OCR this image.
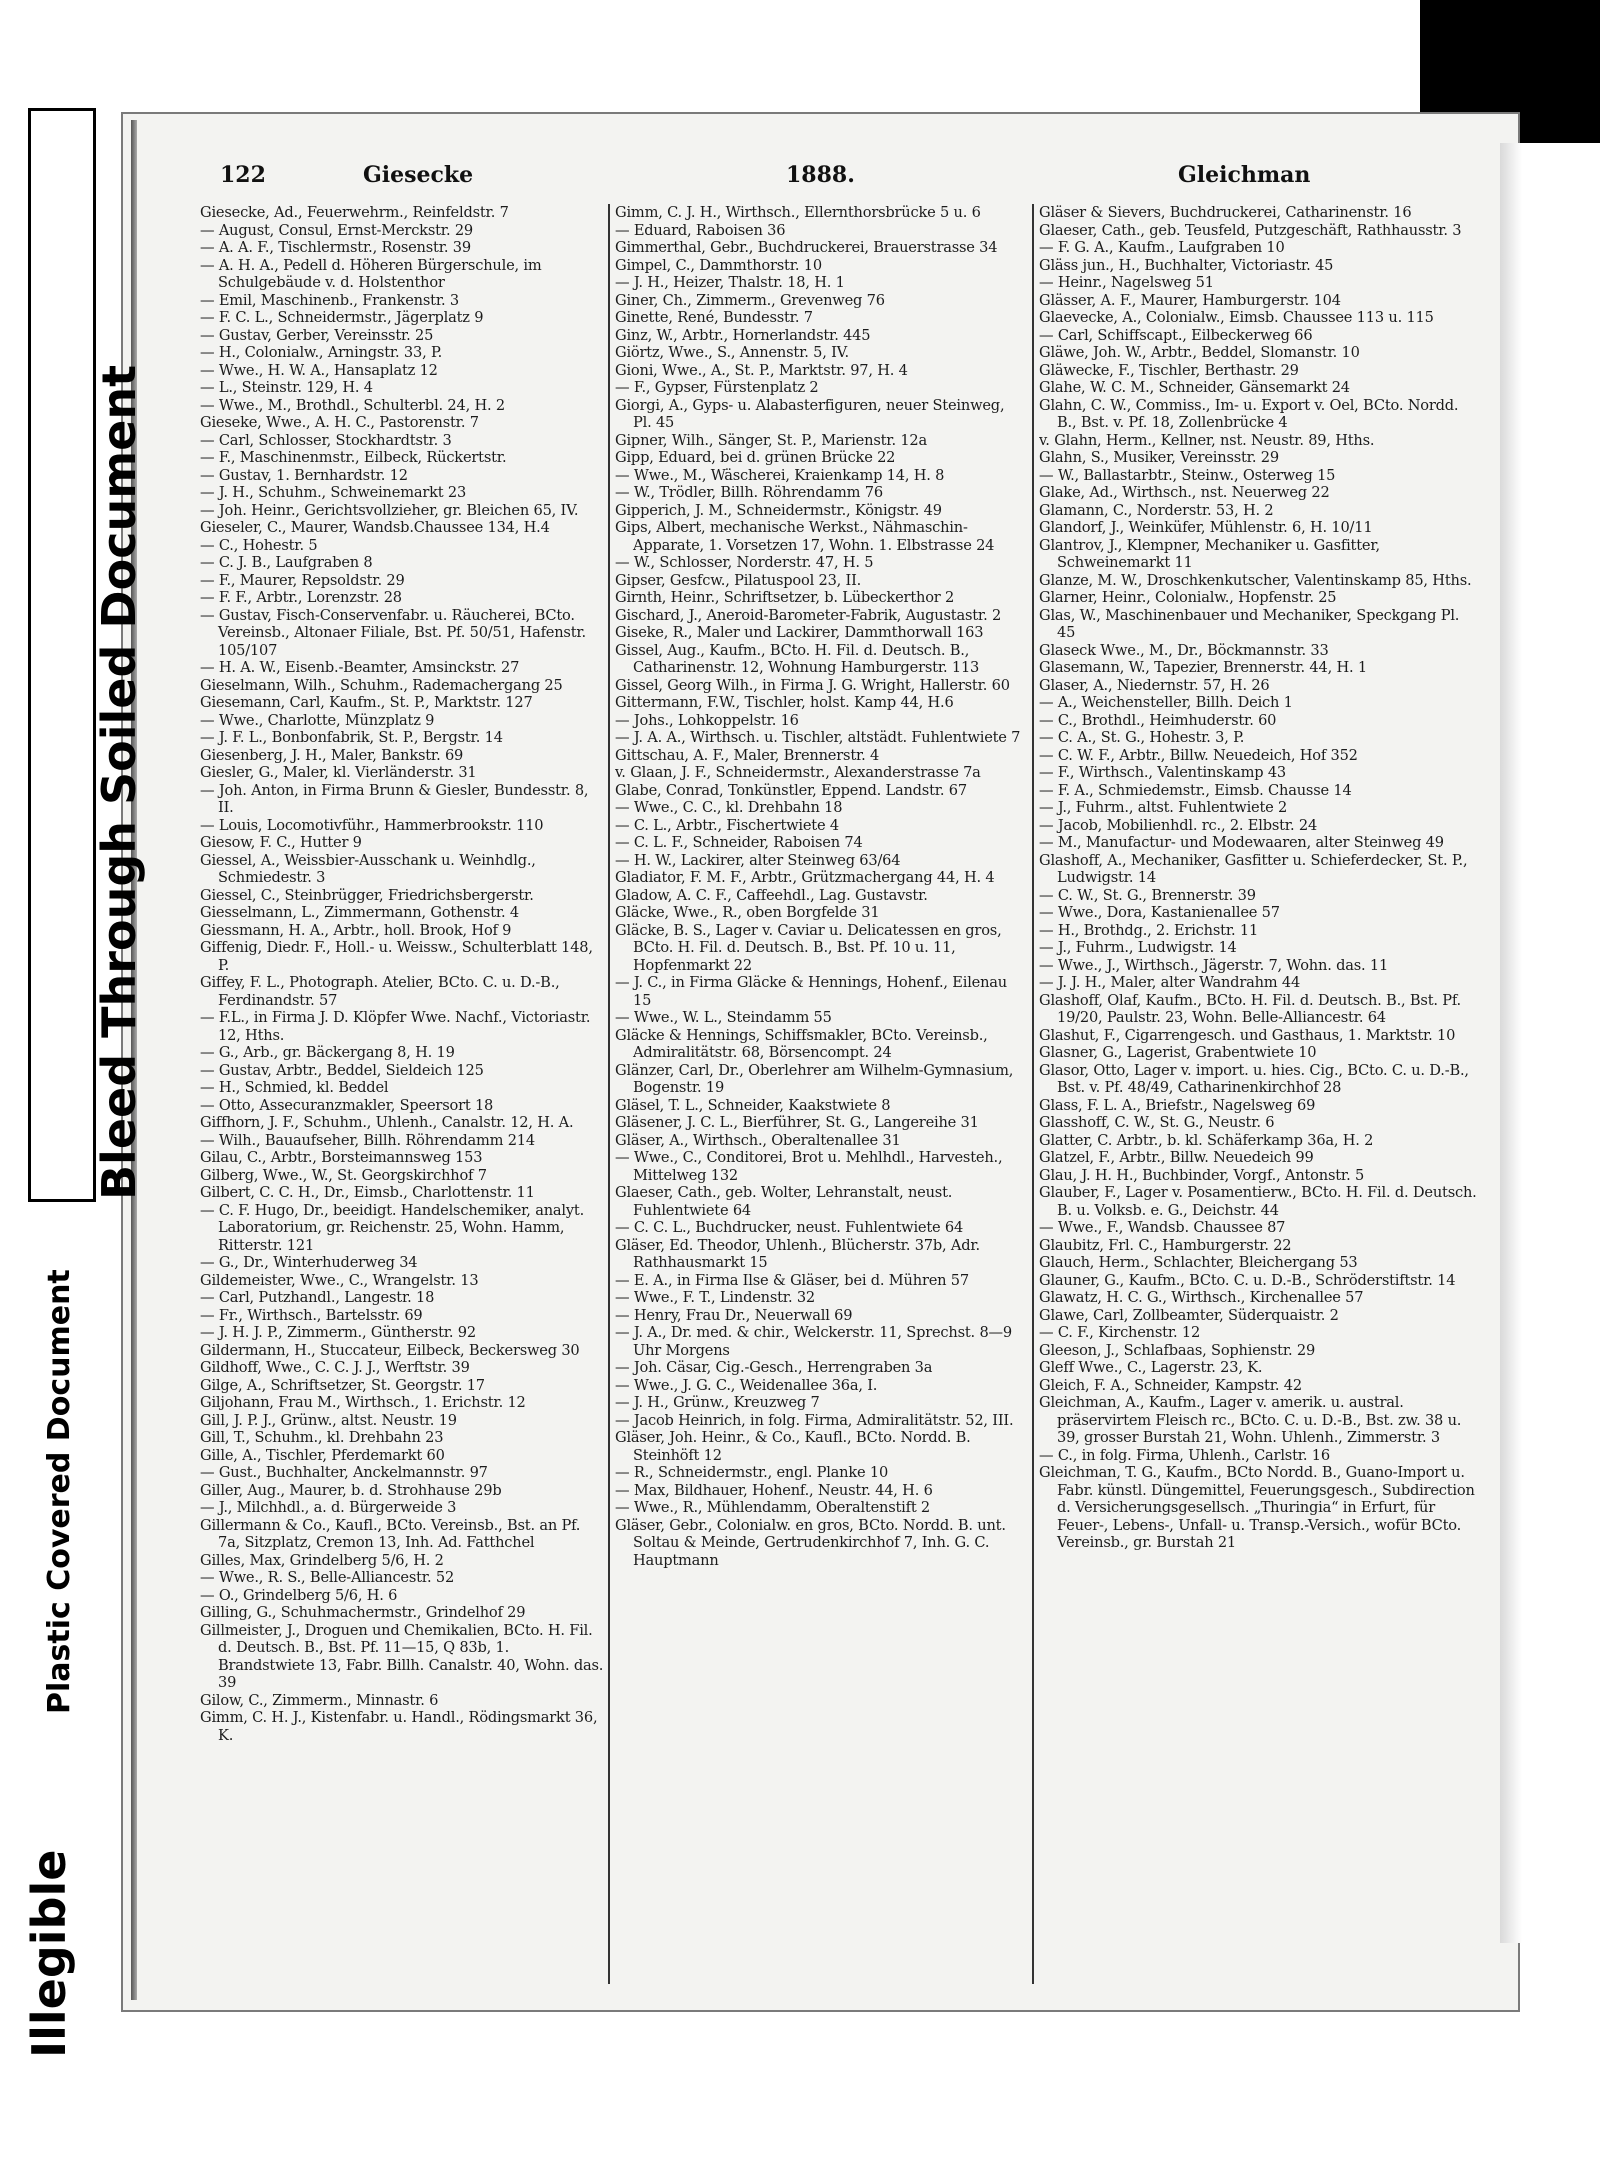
Illegible
Plastic Covered Document
Bleed Through Soiled Document
122	Giesecke	1888.	Gleichman

Giesecke, Ad., Feuerwehrm., Reinfeldstr. 7

— August, Consul, Ernst-Merckstr. 29

— A. A. F., Tischlermstr., Rosenstr. 39

— A. H. A., Pedell d. Höheren Bürgerschule, im Schulgebäude v. d. Holstenthor

— Emil, Maschinenb., Frankenstr. 3

— F. C. L., Schneidermstr., Jägerplatz 9

— Gustav, Gerber, Vereinsstr. 25

— H., Colonialw., Arningstr. 33, P.

— Wwe., H. W. A., Hansaplatz 12

— L., Steinstr. 129, H. 4

— Wwe., M., Brothdl., Schulterbl. 24, H. 2

Gieseke, Wwe., A. H. C., Pastorenstr. 7

— Carl, Schlosser, Stockhardtstr. 3

— F., Maschinenmstr., Eilbeck, Rückertstr.

— Gustav, 1. Bernhardstr. 12

— J. H., Schuhm., Schweinemarkt 23

— Joh. Heinr., Gerichtsvollzieher, gr. Bleichen 65, IV.

Gieseler, C., Maurer, Wandsb.Chaussee 134, H.4

— C., Hohestr. 5

— C. J. B., Laufgraben 8

— F., Maurer, Repsoldstr. 29

— F. F., Arbtr., Lorenzstr. 28

— Gustav, Fisch-Conservenfabr. u. Räucherei, BCto. Vereinsb., Altonaer Filiale, Bst. Pf. 50/51, Hafenstr. 105/107

— H. A. W., Eisenb.-Beamter, Amsinckstr. 27

Gieselmann, Wilh., Schuhm., Rademachergang 25

Giesemann, Carl, Kaufm., St. P., Marktstr. 127

— Wwe., Charlotte, Münzplatz 9

— J. F. L., Bonbonfabrik, St. P., Bergstr. 14

Giesenberg, J. H., Maler, Bankstr. 69

Giesler, G., Maler, kl. Vierländerstr. 31

— Joh. Anton, in Firma Brunn & Giesler, Bundesstr. 8, II.

— Louis, Locomotivführ., Hammerbrookstr. 110

Giesow, F. C., Hutter 9

Giessel, A., Weissbier-Ausschank u. Weinhdlg., Schmiedestr. 3

Giessel, C., Steinbrügger, Friedrichsbergerstr.

Giesselmann, L., Zimmermann, Gothenstr. 4

Giessmann, H. A., Arbtr., holl. Brook, Hof 9

Giffenig, Diedr. F., Holl.- u. Weissw., Schulterblatt 148, P.

Giffey, F. L., Photograph. Atelier, BCto. C. u. D.-B., Ferdinandstr. 57

— F.L., in Firma J. D. Klöpfer Wwe. Nachf., Victoriastr. 12, Hths.

— G., Arb., gr. Bäckergang 8, H. 19

— Gustav, Arbtr., Beddel, Sieldeich 125

— H., Schmied, kl. Beddel

— Otto, Assecuranzmakler, Speersort 18

Giffhorn, J. F., Schuhm., Uhlenh., Canalstr. 12, H. A.

— Wilh., Bauaufseher, Billh. Röhrendamm 214

Gilau, C., Arbtr., Borsteimannsweg 153

Gilberg, Wwe., W., St. Georgskirchhof 7

Gilbert, C. C. H., Dr., Eimsb., Charlottenstr. 11

— C. F. Hugo, Dr., beeidigt. Handelschemiker, analyt. Laboratorium, gr. Reichenstr. 25, Wohn. Hamm, Ritterstr. 121

— G., Dr., Winterhuderweg 34

Gildemeister, Wwe., C., Wrangelstr. 13

— Carl, Putzhandl., Langestr. 18

— Fr., Wirthsch., Bartelsstr. 69

— J. H. J. P., Zimmerm., Güntherstr. 92

Gildermann, H., Stuccateur, Eilbeck, Beckersweg 30

Gildhoff, Wwe., C. C. J. J., Werftstr. 39

Gilge, A., Schriftsetzer, St. Georgstr. 17

Giljohann, Frau M., Wirthsch., 1. Erichstr. 12

Gill, J. P. J., Grünw., altst. Neustr. 19

Gill, T., Schuhm., kl. Drehbahn 23

Gille, A., Tischler, Pferdemarkt 60

— Gust., Buchhalter, Anckelmannstr. 97

Giller, Aug., Maurer, b. d. Strohhause 29b

— J., Milchhdl., a. d. Bürgerweide 3

Gillermann & Co., Kaufl., BCto. Vereinsb., Bst. an Pf. 7a, Sitzplatz, Cremon 13, Inh. Ad. Fatthchel

Gilles, Max, Grindelberg 5/6, H. 2

— Wwe., R. S., Belle-Alliancestr. 52

— O., Grindelberg 5/6, H. 6

Gilling, G., Schuhmachermstr., Grindelhof 29

Gillmeister, J., Droguen und Chemikalien, BCto. H. Fil. d. Deutsch. B., Bst. Pf. 11—15, Q 83b, 1. Brandstwiete 13, Fabr. Billh. Canalstr. 40, Wohn. das. 39

Gilow, C., Zimmerm., Minnastr. 6

Gimm, C. H. J., Kistenfabr. u. Handl., Rödingsmarkt 36, K.

Gimm, C. J. H., Wirthsch., Ellernthorsbrücke 5 u. 6

— Eduard, Raboisen 36

Gimmerthal, Gebr., Buchdruckerei, Brauerstrasse 34

Gimpel, C., Dammthorstr. 10

— J. H., Heizer, Thalstr. 18, H. 1

Giner, Ch., Zimmerm., Grevenweg 76

Ginette, René, Bundesstr. 7

Ginz, W., Arbtr., Hornerlandstr. 445

Giörtz, Wwe., S., Annenstr. 5, IV.

Gioni, Wwe., A., St. P., Marktstr. 97, H. 4

— F., Gypser, Fürstenplatz 2

Giorgi, A., Gyps- u. Alabasterfiguren, neuer Steinweg, Pl. 45

Gipner, Wilh., Sänger, St. P., Marienstr. 12a

Gipp, Eduard, bei d. grünen Brücke 22

— Wwe., M., Wäscherei, Kraienkamp 14, H. 8

— W., Trödler, Billh. Röhrendamm 76

Gipperich, J. M., Schneidermstr., Königstr. 49

Gips, Albert, mechanische Werkst., Nähmaschin-Apparate, 1. Vorsetzen 17, Wohn. 1. Elbstrasse 24

— W., Schlosser, Norderstr. 47, H. 5

Gipser, Gesfcw., Pilatuspool 23, II.

Girnth, Heinr., Schriftsetzer, b. Lübeckerthor 2

Gischard, J., Aneroid-Barometer-Fabrik, Augustastr. 2

Giseke, R., Maler und Lackirer, Dammthorwall 163

Gissel, Aug., Kaufm., BCto. H. Fil. d. Deutsch. B., Catharinenstr. 12, Wohnung Hamburgerstr. 113

Gissel, Georg Wilh., in Firma J. G. Wright, Hallerstr. 60

Gittermann, F.W., Tischler, holst. Kamp 44, H.6

— Johs., Lohkoppelstr. 16

— J. A. A., Wirthsch. u. Tischler, altstädt. Fuhlentwiete 7

Gittschau, A. F., Maler, Brennerstr. 4

v. Glaan, J. F., Schneidermstr., Alexanderstrasse 7a

Glabe, Conrad, Tonkünstler, Eppend. Landstr. 67

— Wwe., C. C., kl. Drehbahn 18

— C. L., Arbtr., Fischertwiete 4

— C. L. F., Schneider, Raboisen 74

— H. W., Lackirer, alter Steinweg 63/64

Gladiator, F. M. F., Arbtr., Grützmachergang 44, H. 4

Gladow, A. C. F., Caffeehdl., Lag. Gustavstr.

Gläcke, Wwe., R., oben Borgfelde 31

Gläcke, B. S., Lager v. Caviar u. Delicatessen en gros, BCto. H. Fil. d. Deutsch. B., Bst. Pf. 10 u. 11, Hopfenmarkt 22

— J. C., in Firma Gläcke & Hennings, Hohenf., Eilenau 15

— Wwe., W. L., Steindamm 55

Gläcke & Hennings, Schiffsmakler, BCto. Vereinsb., Admiralitätstr. 68, Börsencompt. 24

Glänzer, Carl, Dr., Oberlehrer am Wilhelm-Gymnasium, Bogenstr. 19

Gläsel, T. L., Schneider, Kaakstwiete 8

Gläsener, J. C. L., Bierführer, St. G., Langereihe 31

Gläser, A., Wirthsch., Oberaltenallee 31

— Wwe., C., Conditorei, Brot u. Mehlhdl., Harvesteh., Mittelweg 132

Glaeser, Cath., geb. Wolter, Lehranstalt, neust. Fuhlentwiete 64

— C. C. L., Buchdrucker, neust. Fuhlentwiete 64

Gläser, Ed. Theodor, Uhlenh., Blücherstr. 37b, Adr. Rathhausmarkt 15

— E. A., in Firma Ilse & Gläser, bei d. Mühren 57

— Wwe., F. T., Lindenstr. 32

— Henry, Frau Dr., Neuerwall 69

— J. A., Dr. med. & chir., Welckerstr. 11, Sprechst. 8—9 Uhr Morgens

— Joh. Cäsar, Cig.-Gesch., Herrengraben 3a

— Wwe., J. G. C., Weidenallee 36a, I.

— J. H., Grünw., Kreuzweg 7

— Jacob Heinrich, in folg. Firma, Admiralitätstr. 52, III.

Gläser, Joh. Heinr., & Co., Kaufl., BCto. Nordd. B. Steinhöft 12

— R., Schneidermstr., engl. Planke 10

— Max, Bildhauer, Hohenf., Neustr. 44, H. 6

— Wwe., R., Mühlendamm, Oberaltenstift 2

Gläser, Gebr., Colonialw. en gros, BCto. Nordd. B. unt. Soltau & Meinde, Gertrudenkirchhof 7, Inh. G. C. Hauptmann

Gläser & Sievers, Buchdruckerei, Catharinenstr. 16

Glaeser, Cath., geb. Teusfeld, Putzgeschäft, Rathhausstr. 3

— F. G. A., Kaufm., Laufgraben 10

Gläss jun., H., Buchhalter, Victoriastr. 45

— Heinr., Nagelsweg 51

Glässer, A. F., Maurer, Hamburgerstr. 104

Glaevecke, A., Colonialw., Eimsb. Chaussee 113 u. 115

— Carl, Schiffscapt., Eilbeckerweg 66

Gläwe, Joh. W., Arbtr., Beddel, Slomanstr. 10

Gläwecke, F., Tischler, Berthastr. 29

Glahe, W. C. M., Schneider, Gänsemarkt 24

Glahn, C. W., Commiss., Im- u. Export v. Oel, BCto. Nordd. B., Bst. v. Pf. 18, Zollenbrücke 4

v. Glahn, Herm., Kellner, nst. Neustr. 89, Hths.

Glahn, S., Musiker, Vereinsstr. 29

— W., Ballastarbtr., Steinw., Osterweg 15

Glake, Ad., Wirthsch., nst. Neuerweg 22

Glamann, C., Norderstr. 53, H. 2

Glandorf, J., Weinküfer, Mühlenstr. 6, H. 10/11

Glantrov, J., Klempner, Mechaniker u. Gasfitter, Schweinemarkt 11

Glanze, M. W., Droschkenkutscher, Valentinskamp 85, Hths.

Glarner, Heinr., Colonialw., Hopfenstr. 25

Glas, W., Maschinenbauer und Mechaniker, Speckgang Pl. 45

Glaseck Wwe., M., Dr., Böckmannstr. 33

Glasemann, W., Tapezier, Brennerstr. 44, H. 1

Glaser, A., Niedernstr. 57, H. 26

— A., Weichensteller, Billh. Deich 1

— C., Brothdl., Heimhuderstr. 60

— C. A., St. G., Hohestr. 3, P.

— C. W. F., Arbtr., Billw. Neuedeich, Hof 352

— F., Wirthsch., Valentinskamp 43

— F. A., Schmiedemstr., Eimsb. Chausse 14

— J., Fuhrm., altst. Fuhlentwiete 2

— Jacob, Mobilienhdl. rc., 2. Elbstr. 24

— M., Manufactur- und Modewaaren, alter Steinweg 49

Glashoff, A., Mechaniker, Gasfitter u. Schieferdecker, St. P., Ludwigstr. 14

— C. W., St. G., Brennerstr. 39

— Wwe., Dora, Kastanienallee 57

— H., Brothdg., 2. Erichstr. 11

— J., Fuhrm., Ludwigstr. 14

— Wwe., J., Wirthsch., Jägerstr. 7, Wohn. das. 11

— J. J. H., Maler, alter Wandrahm 44

Glashoff, Olaf, Kaufm., BCto. H. Fil. d. Deutsch. B., Bst. Pf. 19/20, Paulstr. 23, Wohn. Belle-Alliancestr. 64

Glashut, F., Cigarrengesch. und Gasthaus, 1. Marktstr. 10

Glasner, G., Lagerist, Grabentwiete 10

Glasor, Otto, Lager v. import. u. hies. Cig., BCto. C. u. D.-B., Bst. v. Pf. 48/49, Catharinenkirchhof 28

Glass, F. L. A., Briefstr., Nagelsweg 69

Glasshoff, C. W., St. G., Neustr. 6

Glatter, C. Arbtr., b. kl. Schäferkamp 36a, H. 2

Glatzel, F., Arbtr., Billw. Neuedeich 99

Glau, J. H. H., Buchbinder, Vorgf., Antonstr. 5

Glauber, F., Lager v. Posamentierw., BCto. H. Fil. d. Deutsch. B. u. Volksb. e. G., Deichstr. 44

— Wwe., F., Wandsb. Chaussee 87

Glaubitz, Frl. C., Hamburgerstr. 22

Glauch, Herm., Schlachter, Bleichergang 53

Glauner, G., Kaufm., BCto. C. u. D.-B., Schröderstiftstr. 14

Glawatz, H. C. G., Wirthsch., Kirchenallee 57

Glawe, Carl, Zollbeamter, Süderquaistr. 2

— C. F., Kirchenstr. 12

Gleeson, J., Schlafbaas, Sophienstr. 29

Gleff Wwe., C., Lagerstr. 23, K.

Gleich, F. A., Schneider, Kampstr. 42

Gleichman, A., Kaufm., Lager v. amerik. u. austral. präservirtem Fleisch rc., BCto. C. u. D.-B., Bst. zw. 38 u. 39, grosser Burstah 21, Wohn. Uhlenh., Zimmerstr. 3

— C., in folg. Firma, Uhlenh., Carlstr. 16

Gleichman, T. G., Kaufm., BCto Nordd. B., Guano-Import u. Fabr. künstl. Düngemittel, Feuerungsgesch., Subdirection d. Versicherungsgesellsch. „Thuringia“ in Erfurt, für Feuer-, Lebens-, Unfall- u. Transp.-Versich., wofür BCto. Vereinsb., gr. Burstah 21
